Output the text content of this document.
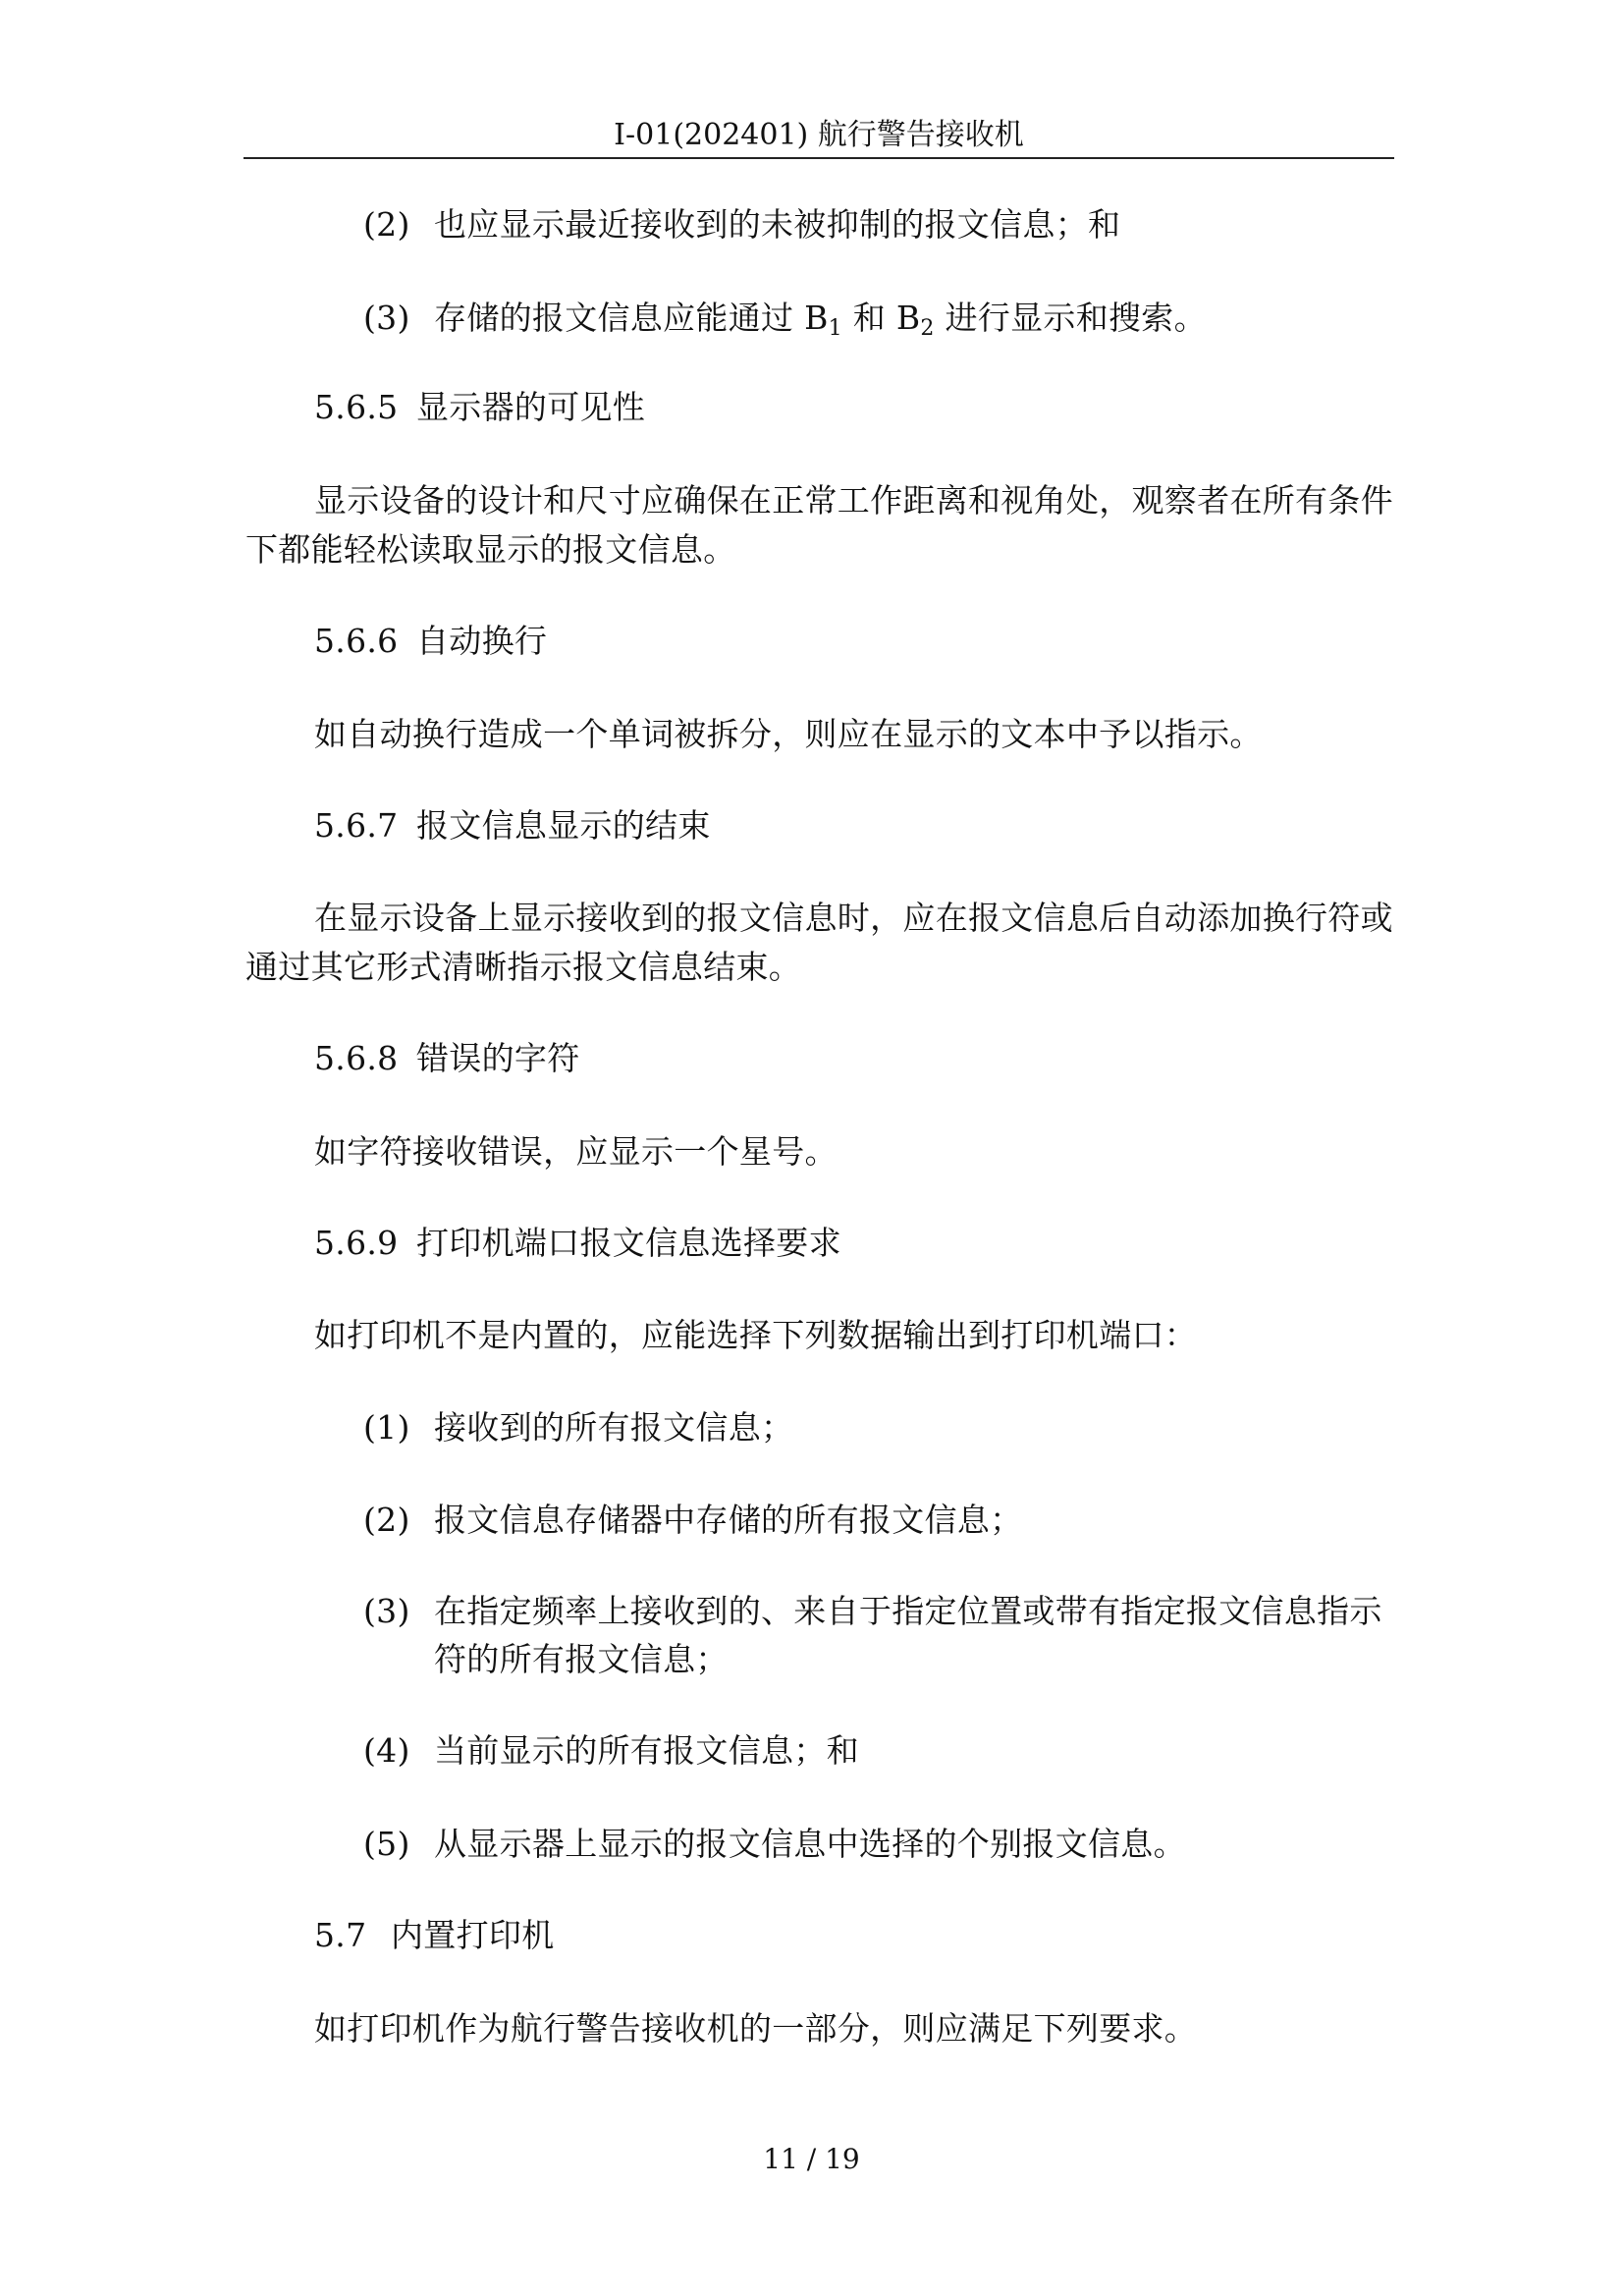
I-01(202401) 航行警告接收机
(2) 也应显示最近接收到的未被抑制的报文信息；和
(3) 存储的报文信息应能通过 $B_1$ 和 $B_2$ 进行显示和搜索。
5.6.5 显示器的可见性
显示设备的设计和尺寸应确保在正常工作距离和视角处，观察者在所有条件
下都能轻松读取显示的报文信息。
5.6.6 自动换行
如自动换行造成一个单词被拆分，则应在显示的文本中予以指示。
5.6.7 报文信息显示的结束
在显示设备上显示接收到的报文信息时，应在报文信息后自动添加换行符或
通过其它形式清晰指示报文信息结束。
5.6.8 错误的字符
如字符接收错误，应显示一个星号。
5.6.9 打印机端口报文信息选择要求
如打印机不是内置的，应能选择下列数据输出到打印机端口：
(1) 接收到的所有报文信息；
(2) 报文信息存储器中存储的所有报文信息；
(3) 在指定频率上接收到的、来自于指定位置或带有指定报文信息指示
符的所有报文信息；
(4) 当前显示的所有报文信息；和
(5) 从显示器上显示的报文信息中选择的个别报文信息。
5.7 内置打印机
如打印机作为航行警告接收机的一部分，则应满足下列要求。
11 / 19
